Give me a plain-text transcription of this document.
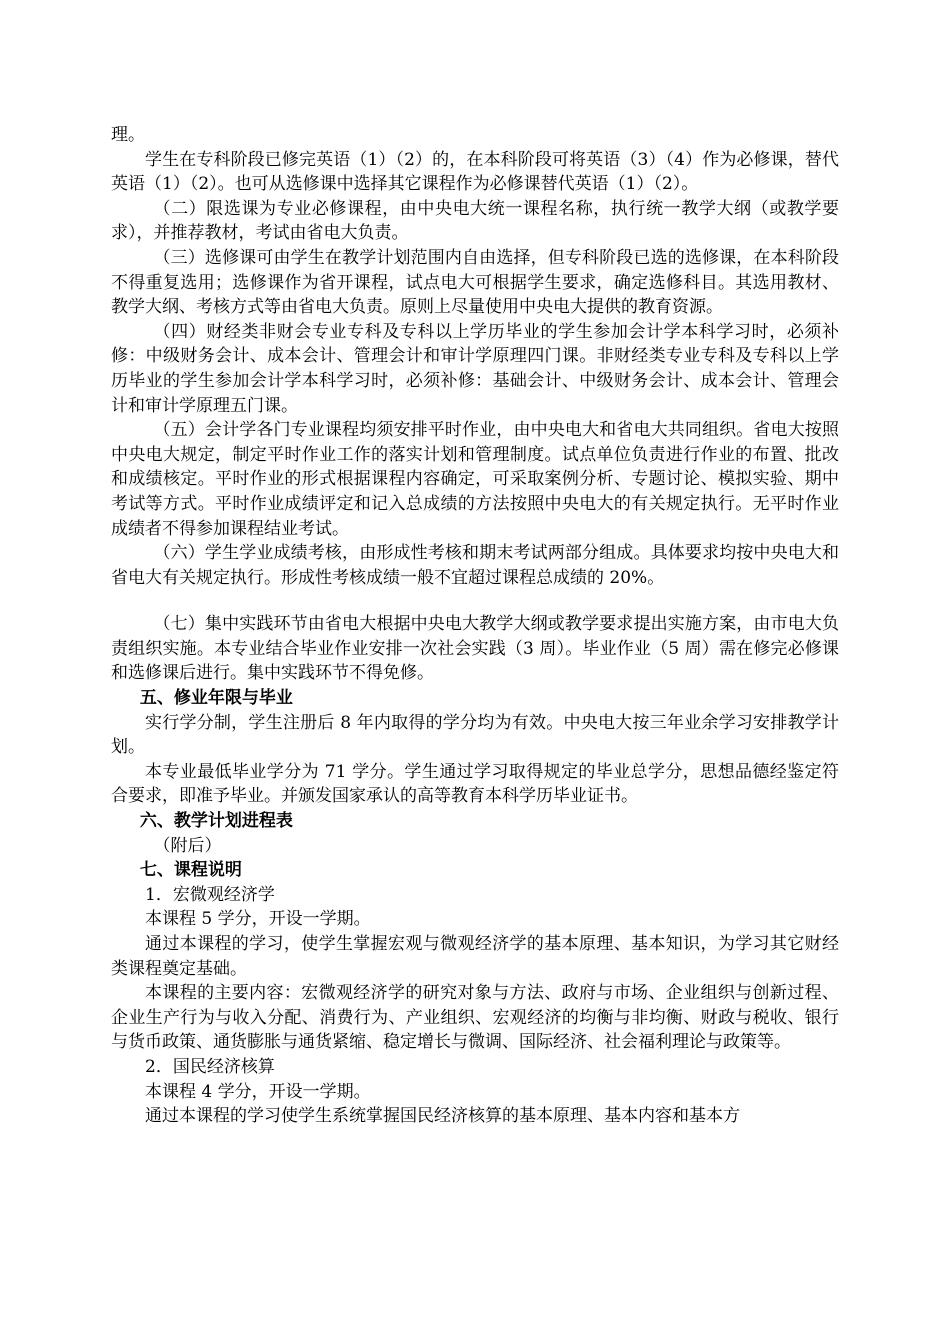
理。

学生在专科阶段已修完英语（1）（2）的，在本科阶段可将英语（3）（4）作为必修课，替代英语（1）（2）。也可从选修课中选择其它课程作为必修课替代英语（1）（2）。

（二）限选课为专业必修课程，由中央电大统一课程名称，执行统一教学大纲（或教学要求），并推荐教材，考试由省电大负责。

（三）选修课可由学生在教学计划范围内自由选择，但专科阶段已选的选修课，在本科阶段不得重复选用；选修课作为省开课程，试点电大可根据学生要求，确定选修科目。其选用教材、教学大纲、考核方式等由省电大负责。原则上尽量使用中央电大提供的教育资源。

（四）财经类非财会专业专科及专科以上学历毕业的学生参加会计学本科学习时，必须补修：中级财务会计、成本会计、管理会计和审计学原理四门课。非财经类专业专科及专科以上学历毕业的学生参加会计学本科学习时，必须补修：基础会计、中级财务会计、成本会计、管理会计和审计学原理五门课。

（五）会计学各门专业课程均须安排平时作业，由中央电大和省电大共同组织。省电大按照中央电大规定，制定平时作业工作的落实计划和管理制度。试点单位负责进行作业的布置、批改和成绩核定。平时作业的形式根据课程内容确定，可采取案例分析、专题讨论、模拟实验、期中考试等方式。平时作业成绩评定和记入总成绩的方法按照中央电大的有关规定执行。无平时作业成绩者不得参加课程结业考试。

（六）学生学业成绩考核，由形成性考核和期末考试两部分组成。具体要求均按中央电大和省电大有关规定执行。形成性考核成绩一般不宜超过课程总成绩的 20%。

（七）集中实践环节由省电大根据中央电大教学大纲或教学要求提出实施方案，由市电大负责组织实施。本专业结合毕业作业安排一次社会实践（3 周）。毕业作业（5 周）需在修完必修课和选修课后进行。集中实践环节不得免修。

五、修业年限与毕业

实行学分制，学生注册后 8 年内取得的学分均为有效。中央电大按三年业余学习安排教学计划。

本专业最低毕业学分为 71 学分。学生通过学习取得规定的毕业总学分，思想品德经鉴定符合要求，即准予毕业。并颁发国家承认的高等教育本科学历毕业证书。

六、教学计划进程表

（附后）

七、课程说明

1．宏微观经济学

本课程 5 学分，开设一学期。

通过本课程的学习，使学生掌握宏观与微观经济学的基本原理、基本知识，为学习其它财经类课程奠定基础。

本课程的主要内容：宏微观经济学的研究对象与方法、政府与市场、企业组织与创新过程、企业生产行为与收入分配、消费行为、产业组织、宏观经济的均衡与非均衡、财政与税收、银行与货币政策、通货膨胀与通货紧缩、稳定增长与微调、国际经济、社会福利理论与政策等。

2．国民经济核算

本课程 4 学分，开设一学期。

通过本课程的学习使学生系统掌握国民经济核算的基本原理、基本内容和基本方
